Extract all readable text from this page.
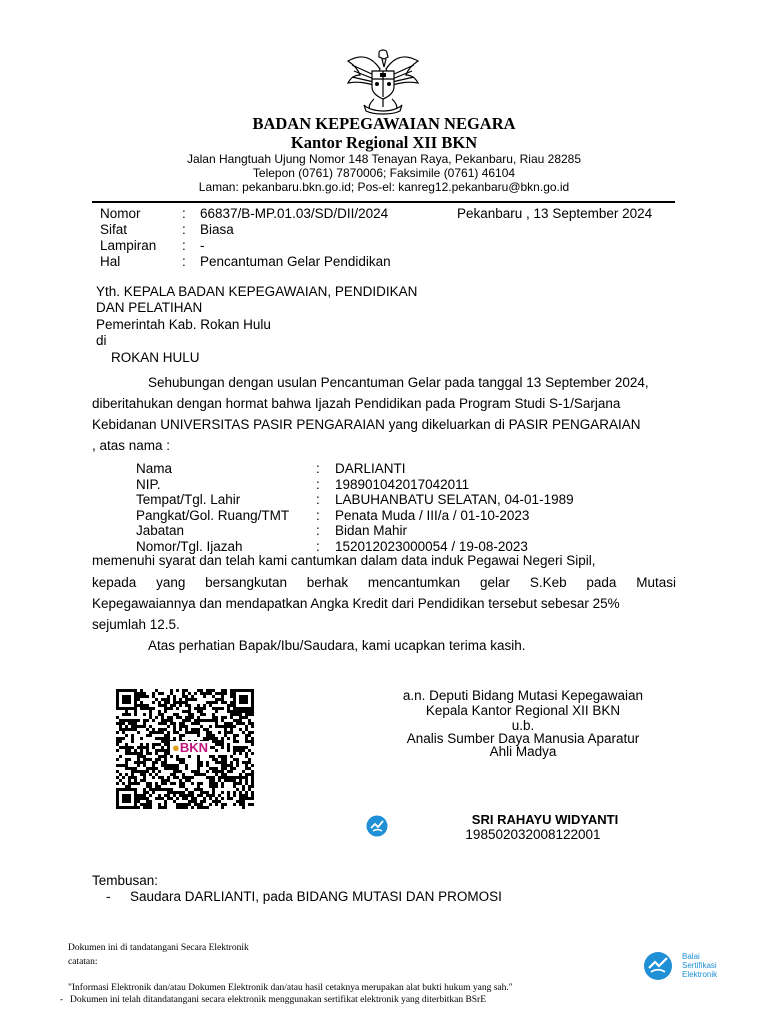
BADAN KEPEGAWAIAN NEGARA
Kantor Regional XII BKN
Jalan Hangtuah Ujung Nomor 148 Tenayan Raya, Pekanbaru, Riau 28285
Telepon (0761) 7870006; Faksimile (0761) 46104
Laman: pekanbaru.bkn.go.id; Pos-el: kanreg12.pekanbaru@bkn.go.id
Nomor	: 66837/B-MP.01.03/SD/DII/2024	Pekanbaru , 13 September 2024
Sifat	: Biasa
Lampiran : -
Hal	: Pencantuman Gelar Pendidikan
Yth. KEPALA BADAN KEPEGAWAIAN, PENDIDIKAN
DAN PELATIHAN
Pemerintah Kab. Rokan Hulu
di
ROKAN HULU
Sehubungan dengan usulan Pencantuman Gelar pada tanggal 13 September 2024,
diberitahukan dengan hormat bahwa Ijazah Pendidikan pada Program Studi S-1/Sarjana
Kebidanan UNIVERSITAS PASIR PENGARAIAN yang dikeluarkan di PASIR PENGARAIAN
, atas nama :
Nama	: DARLIANTI
NIP.	: 198901042017042011
Tempat/Tgl. Lahir	: LABUHANBATU SELATAN, 04-01-1989
Pangkat/Gol. Ruang/TMT : Penata Muda / III/a / 01-10-2023
Jabatan	: Bidan Mahir
Nomor/Tgl. Ijazah	: 152012023000054 / 19-08-2023
memenuhi syarat dan telah kami cantumkan dalam data induk Pegawai Negeri Sipil,
kepada yang bersangkutan berhak mencantumkan gelar S.Keb pada Mutasi
Kepegawaiannya dan mendapatkan Angka Kredit dari Pendidikan tersebut sebesar 25%
sejumlah 12.5.
Atas perhatian Bapak/Ibu/Saudara, kami ucapkan terima kasih.
●BKN
a.n. Deputi Bidang Mutasi Kepegawaian
Kepala Kantor Regional XII BKN
u.b.
Analis Sumber Daya Manusia Aparatur
Ahli Madya
SRI RAHAYU WIDYANTI
198502032008122001
Tembusan:
- Saudara DARLIANTI, pada BIDANG MUTASI DAN PROMOSI
Dokumen ini di tandatangani Secara Elektronik
catatan:
"Informasi Elektronik dan/atau Dokumen Elektronik dan/atau hasil cetaknya merupakan alat bukti hukum yang sah."
- Dokumen ini telah ditandatangani secara elektronik menggunakan sertifikat elektronik yang diterbitkan BSrE
Balai
Sertifikasi
Elektronik
